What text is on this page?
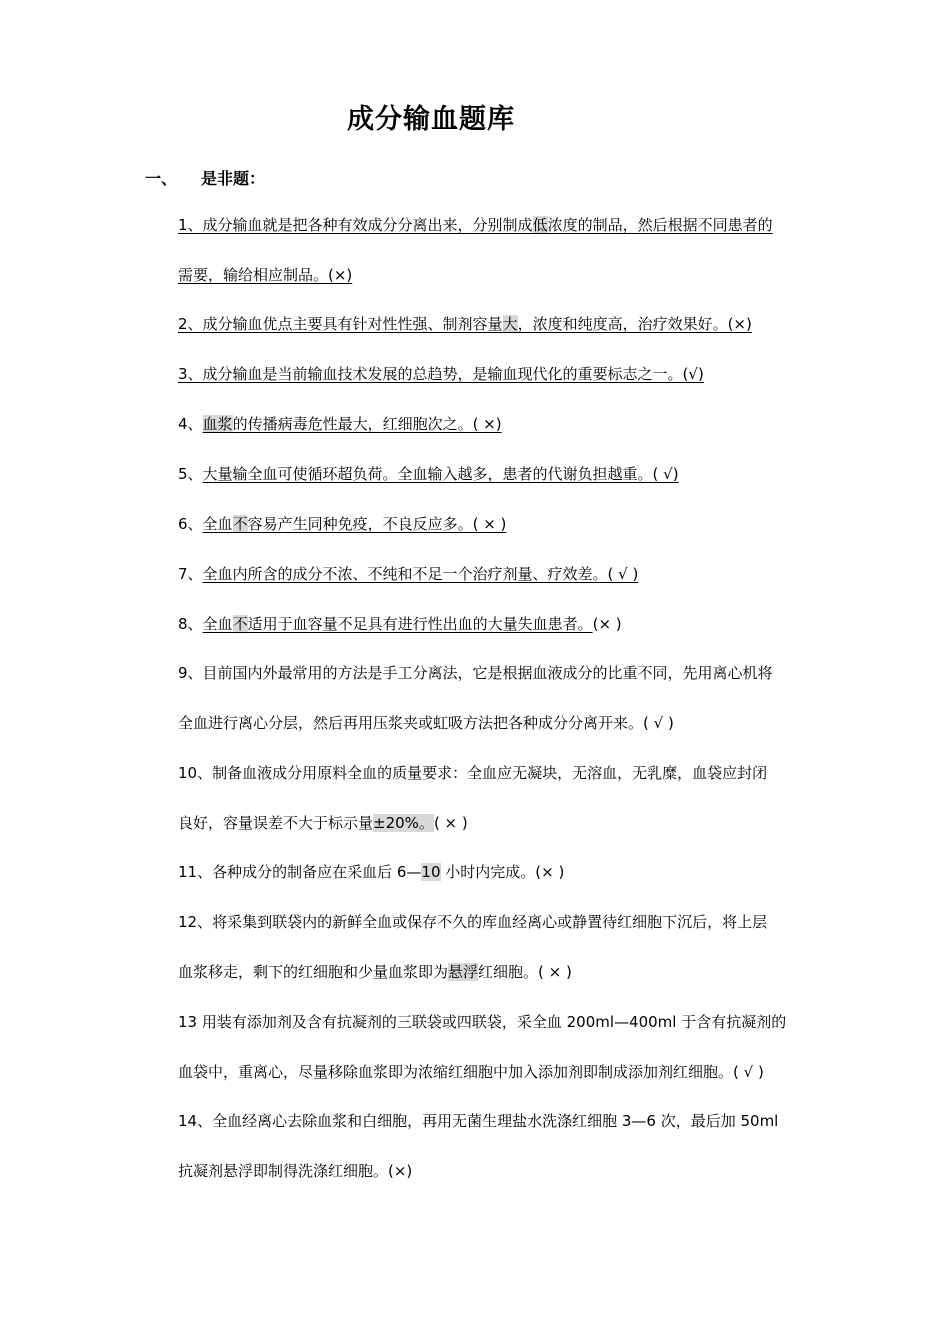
成分输血题库
一、 是非题：
1、成分输血就是把各种有效成分分离出来，分别制成低浓度的制品，然后根据不同患者的
需要，输给相应制品。(×)
2、成分输血优点主要具有针对性性强、制剂容量大，浓度和纯度高，治疗效果好。(×)
3、成分输血是当前输血技术发展的总趋势，是输血现代化的重要标志之一。(√)
4、血浆的传播病毒危性最大，红细胞次之。( ×)
5、大量输全血可使循环超负荷。全血输入越多，患者的代谢负担越重。( √)
6、全血不容易产生同种免疫，不良反应多。( × )
7、全血内所含的成分不浓、不纯和不足一个治疗剂量、疗效差。( √ )
8、全血不适用于血容量不足具有进行性出血的大量失血患者。(× )
9、目前国内外最常用的方法是手工分离法，它是根据血液成分的比重不同，先用离心机将
全血进行离心分层，然后再用压浆夹或虹吸方法把各种成分分离开来。( √ )
10、制备血液成分用原料全血的质量要求：全血应无凝块，无溶血，无乳糜，血袋应封闭
良好，容量误差不大于标示量±20%。( × )
11、各种成分的制备应在采血后 6—10 小时内完成。(× )
12、将采集到联袋内的新鲜全血或保存不久的库血经离心或静置待红细胞下沉后，将上层
血浆移走，剩下的红细胞和少量血浆即为悬浮红细胞。( × )
13 用装有添加剂及含有抗凝剂的三联袋或四联袋，采全血 200ml—400ml 于含有抗凝剂的
血袋中，重离心，尽量移除血浆即为浓缩红细胞中加入添加剂即制成添加剂红细胞。( √ )
14、全血经离心去除血浆和白细胞，再用无菌生理盐水洗涤红细胞 3—6 次，最后加 50ml
抗凝剂悬浮即制得洗涤红细胞。(×)
